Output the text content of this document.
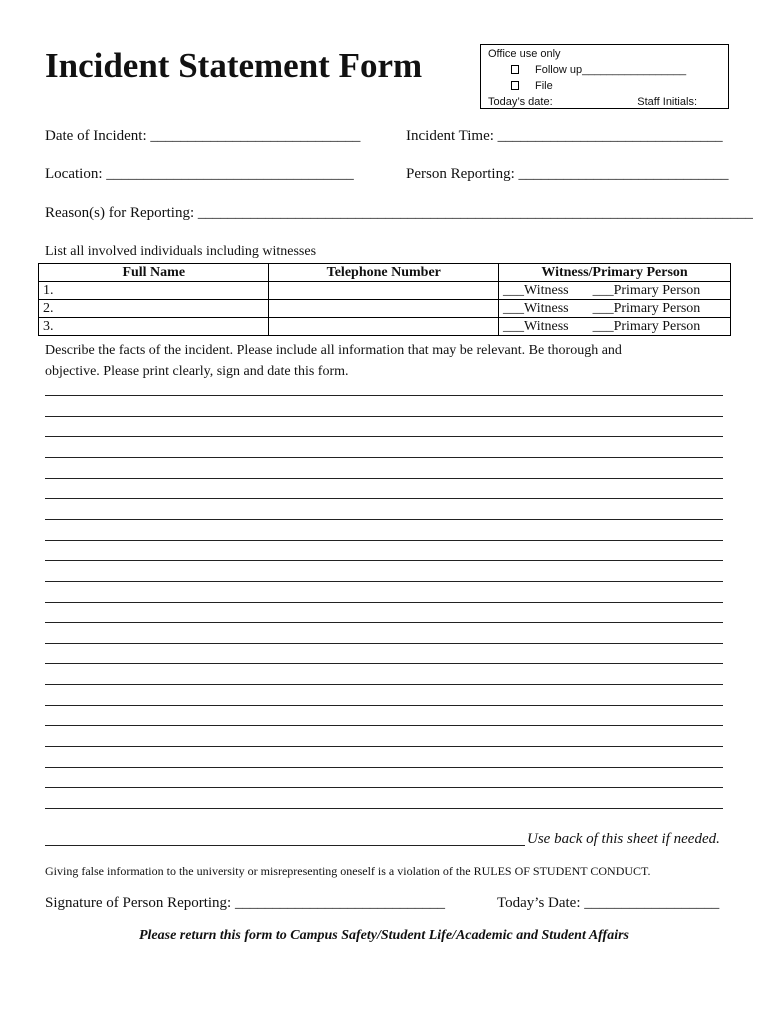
Incident Statement Form	Office use only
Follow up_________________
File
Today’s date:	Staff Initials:
Date of Incident: ____________________________	Incident Time: ______________________________
Location: _________________________________	Person Reporting: ____________________________
Reason(s) for Reporting: __________________________________________________________________________
List all involved individuals including witnesses
Full Name	Telephone Number	Witness/Primary Person
1.		___Witness ___Primary Person
2.		___Witness ___Primary Person
3.		___Witness ___Primary Person
Describe the facts of the incident. Please include all information that may be relevant. Be thorough and
objective. Please print clearly, sign and date this form.
Use back of this sheet if needed.
Giving false information to the university or misrepresenting oneself is a violation of the RULES OF STUDENT CONDUCT.
Signature of Person Reporting: ____________________________	Today’s Date: __________________
Please return this form to Campus Safety/Student Life/Academic and Student Affairs
